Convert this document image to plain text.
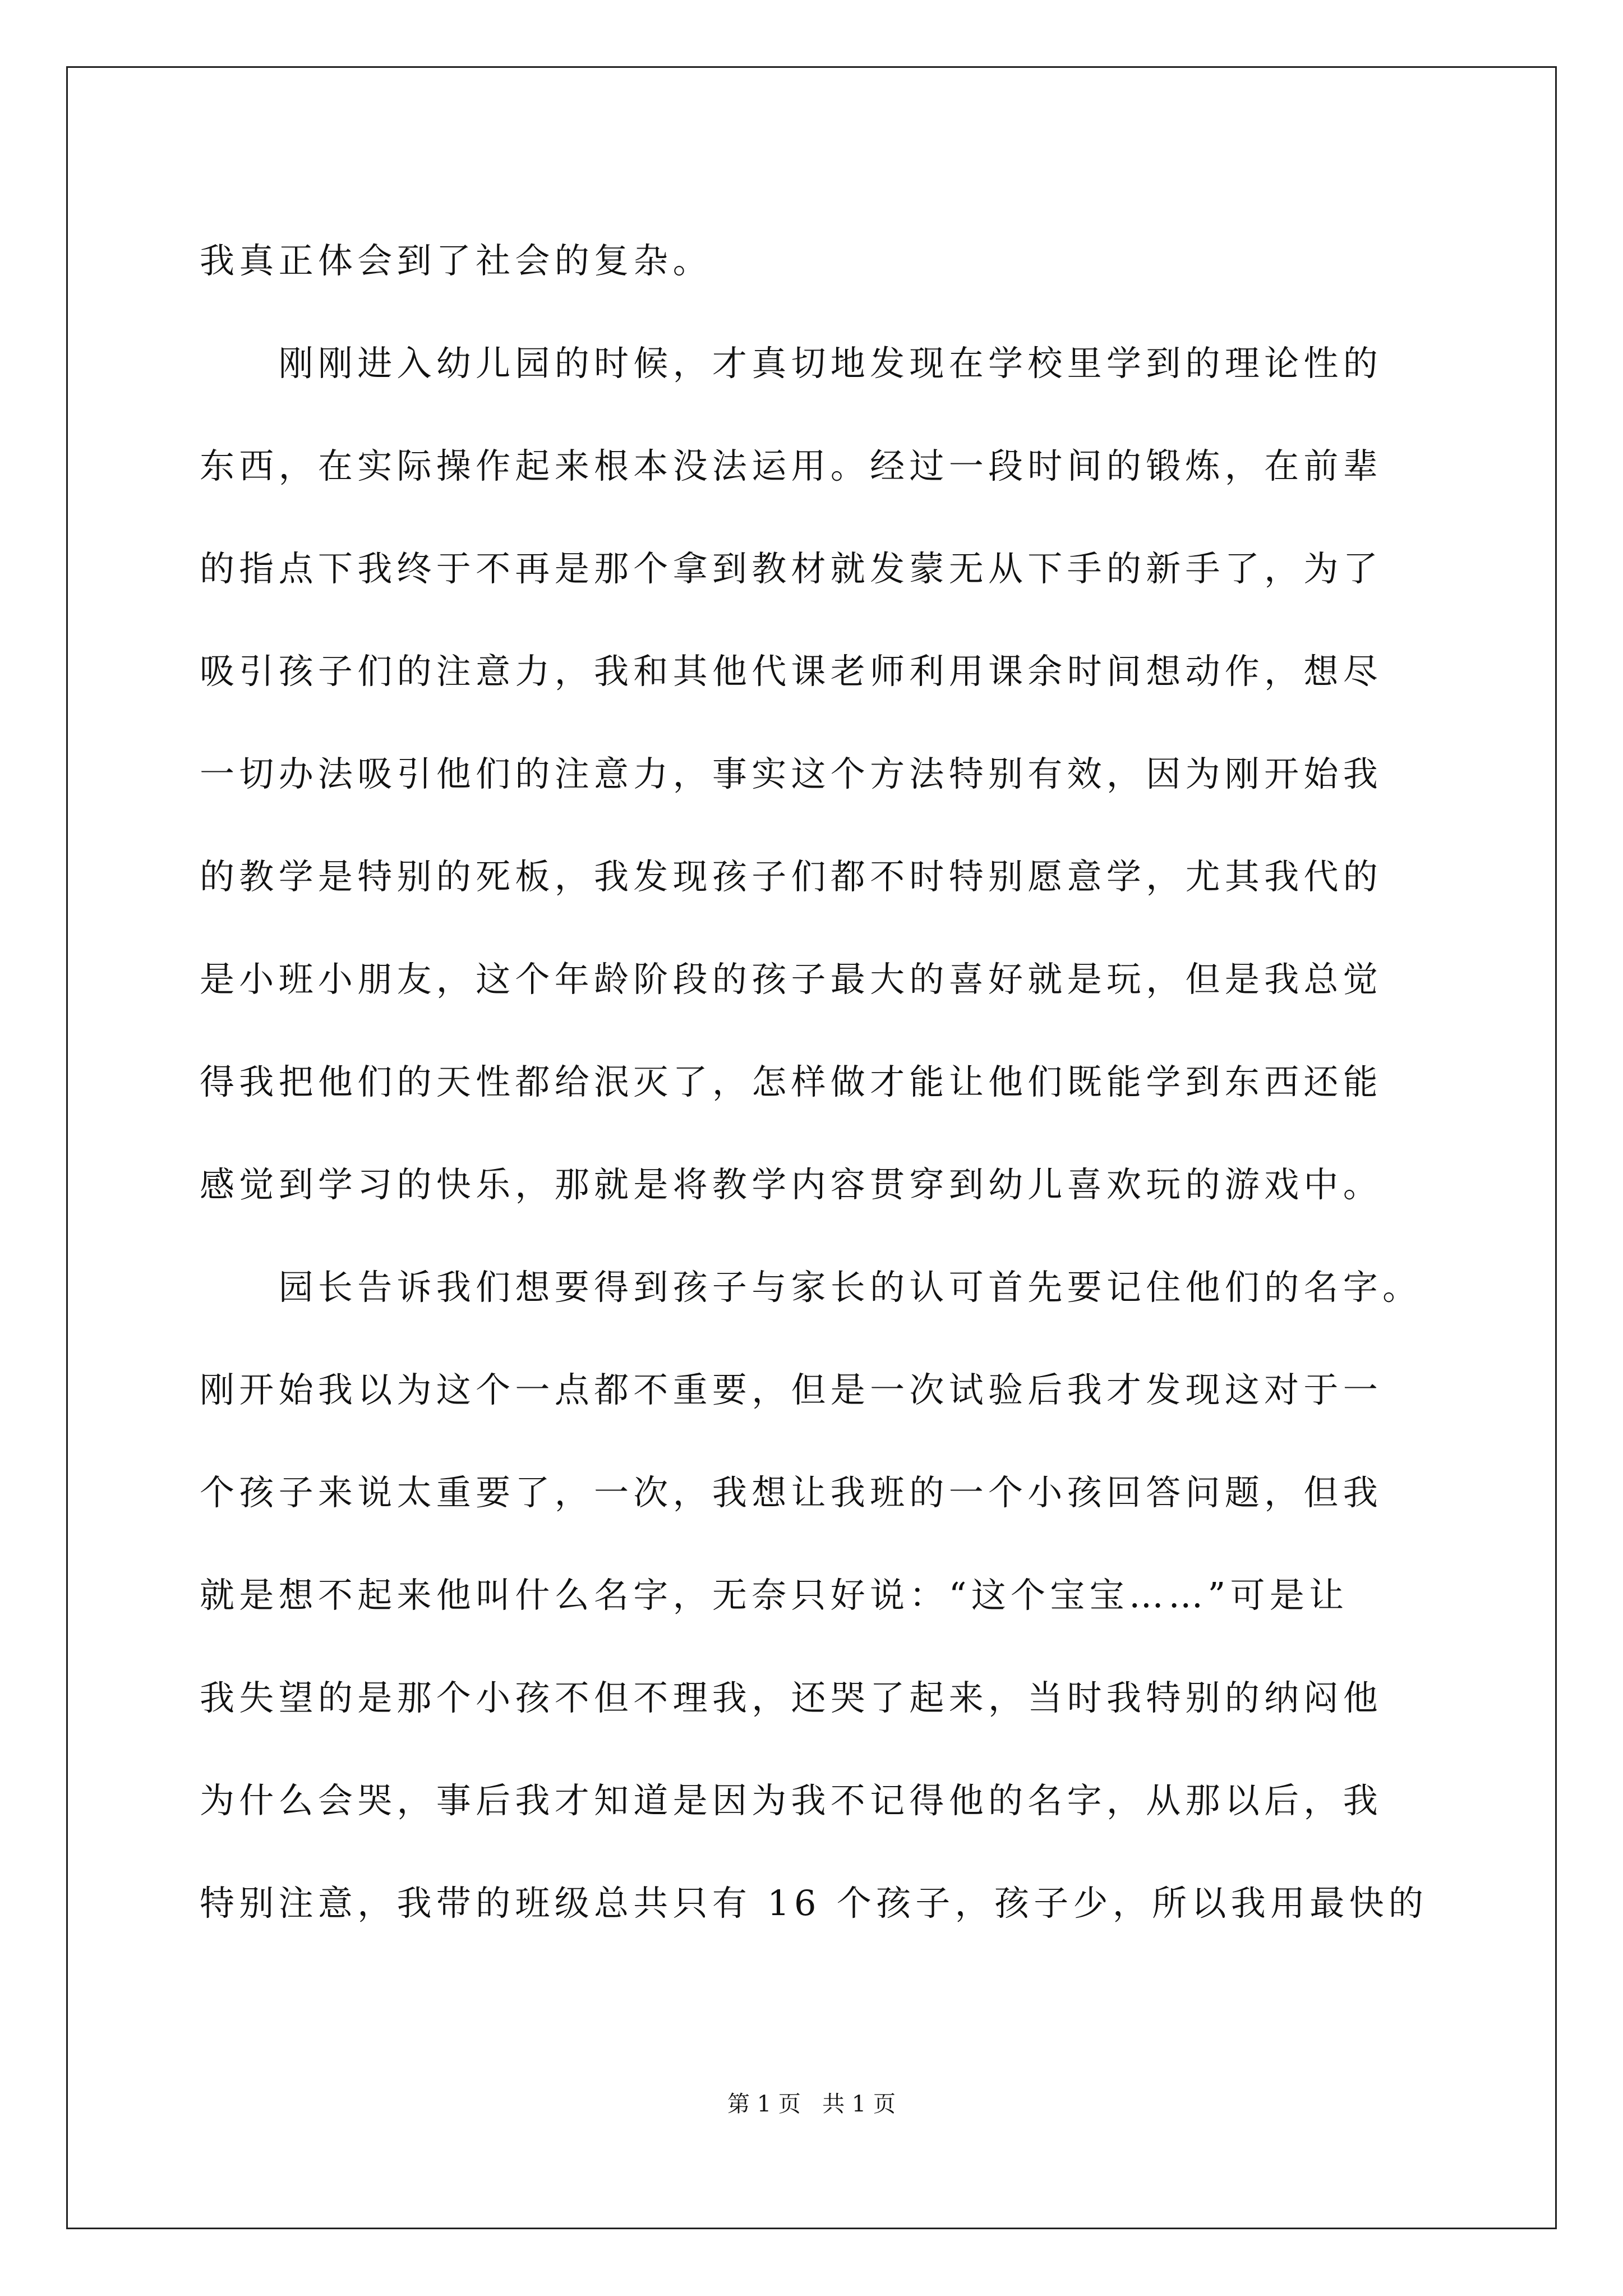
我真正体会到了社会的复杂。
　　刚刚进入幼儿园的时候，才真切地发现在学校里学到的理论性的
东西，在实际操作起来根本没法运用。经过一段时间的锻炼，在前辈
的指点下我终于不再是那个拿到教材就发蒙无从下手的新手了，为了
吸引孩子们的注意力，我和其他代课老师利用课余时间想动作，想尽
一切办法吸引他们的注意力，事实这个方法特别有效，因为刚开始我
的教学是特别的死板，我发现孩子们都不时特别愿意学，尤其我代的
是小班小朋友，这个年龄阶段的孩子最大的喜好就是玩，但是我总觉
得我把他们的天性都给泯灭了，怎样做才能让他们既能学到东西还能
感觉到学习的快乐，那就是将教学内容贯穿到幼儿喜欢玩的游戏中。
　　园长告诉我们想要得到孩子与家长的认可首先要记住他们的名字。
刚开始我以为这个一点都不重要，但是一次试验后我才发现这对于一
个孩子来说太重要了，一次，我想让我班的一个小孩回答问题，但我
就是想不起来他叫什么名字，无奈只好说：“这个宝宝……”可是让
我失望的是那个小孩不但不理我，还哭了起来，当时我特别的纳闷他
为什么会哭，事后我才知道是因为我不记得他的名字，从那以后，我
特别注意，我带的班级总共只有 16 个孩子，孩子少，所以我用最快的
第 1 页   共 1 页
